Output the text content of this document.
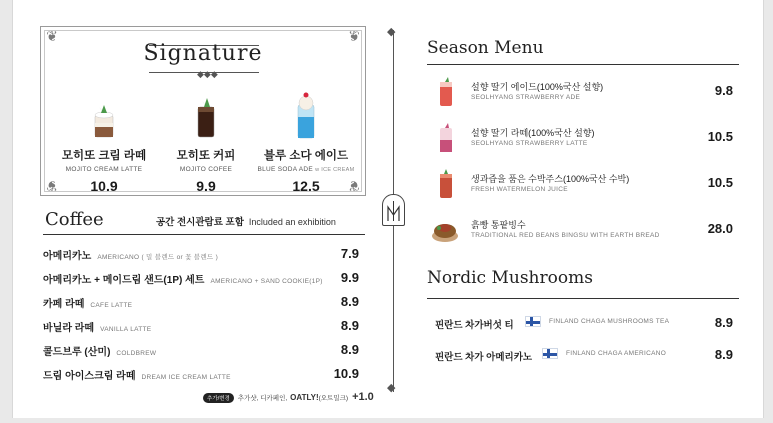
❦	❦
❦	❦
Signature
◆◆◆
모히또 크림 라떼
MOJITO CREAM LATTE
10.9
모히또 커피
MOJITO COFEE
9.9
블루 소다 에이드
BLUE SODA ADE w ICE CREAM
12.5
Coffee	공간 전시관람료 포함 Included an exhibition
아메리카노 AMERICANO ( 밀 블렌드 or 꽃 블렌드 )	7.9
아메리카노 + 메이드림 샌드(1P) 세트 AMERICANO + SAND COOKIE(1P) 9.9
카페 라떼 CAFE LATTE	8.9
바닐라 라떼 VANILLA LATTE	8.9
콜드브루 (산미) COLDBREW	8.9
드림 아이스크림 라떼 DREAM ICE CREAM LATTE	10.9
추가/변경 추가샷, 디카페인, OATLY!(오트밀크) +1.0
◆
◆
Season Menu
설향 딸기 에이드(100%국산 설향)
SEOLHYANG STRAWBERRY ADE	9.8
설향 딸기 라떼(100%국산 설향)
SEOLHYANG STRAWBERRY LATTE	10.5
생과즙을 품은 수박주스(100%국산 수박)
FRESH WATERMELON JUICE	10.5
흙빵 통팥빙수
TRADITIONAL RED BEANS BINGSU WITH EARTH BREAD	28.0
Nordic Mushrooms
핀란드 차가버섯 티	FINLAND CHAGA MUSHROOMS TEA	8.9
핀란드 차가 아메리카노	FINLAND CHAGA AMERICANO	8.9
